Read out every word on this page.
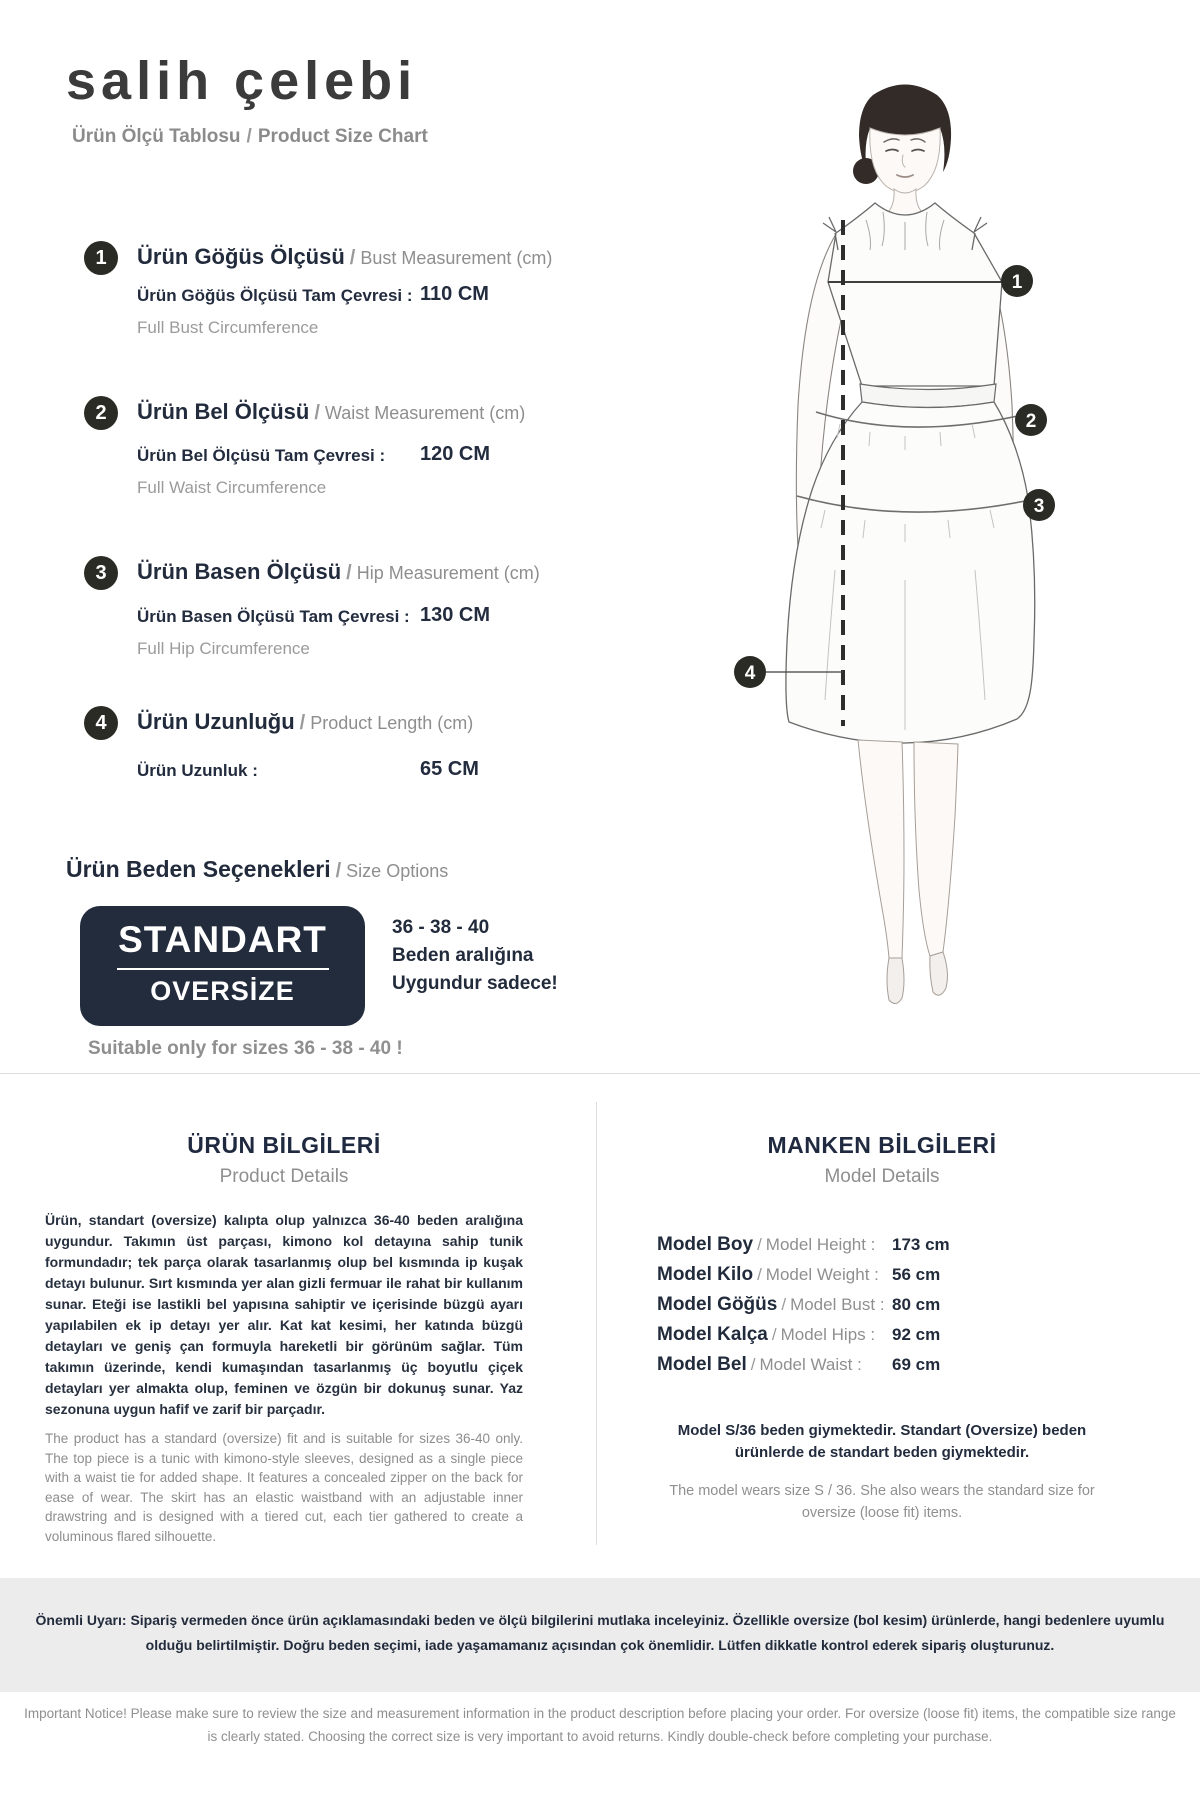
salih çelebi
Ürün Ölçü Tablosu / Product Size Chart
1	Ürün Göğüs Ölçüsü / Bust Measurement (cm)
Ürün Göğüs Ölçüsü Tam Çevresi : 110 CM
Full Bust Circumference
2	Ürün Bel Ölçüsü / Waist Measurement (cm)
Ürün Bel Ölçüsü Tam Çevresi : 120 CM
Full Waist Circumference
3	Ürün Basen Ölçüsü / Hip Measurement (cm)
Ürün Basen Ölçüsü Tam Çevresi : 130 CM
Full Hip Circumference
4	Ürün Uzunluğu / Product Length (cm)
Ürün Uzunluk :	65 CM
Ürün Beden Seçenekleri / Size Options
STANDART
OVERSİZE
36 - 38 - 40
Beden aralığına
Uygundur sadece!
Suitable only for sizes 36 - 38 - 40 !
ÜRÜN BİLGİLERİ
Product Details
Ürün, standart (oversize) kalıpta olup yalnızca 36-40 beden aralığına uygundur. Takımın üst parçası, kimono kol detayına sahip tunik formundadır; tek parça olarak tasarlanmış olup bel kısmında ip kuşak detayı bulunur. Sırt kısmında yer alan gizli fermuar ile rahat bir kullanım sunar. Eteği ise lastikli bel yapısına sahiptir ve içerisinde büzgü ayarı yapılabilen ek ip detayı yer alır. Kat kat kesimi, her katında büzgü detayları ve geniş çan formuyla hareketli bir görünüm sağlar. Tüm takımın üzerinde, kendi kumaşından tasarlanmış üç boyutlu çiçek detayları yer almakta olup, feminen ve özgün bir dokunuş sunar. Yaz sezonuna uygun hafif ve zarif bir parçadır.
The product has a standard (oversize) fit and is suitable for sizes 36-40 only. The top piece is a tunic with kimono-style sleeves, designed as a single piece with a waist tie for added shape. It features a concealed zipper on the back for ease of wear. The skirt has an elastic waistband with an adjustable inner drawstring and is designed with a tiered cut, each tier gathered to create a voluminous flared silhouette.
MANKEN BİLGİLERİ
Model Details
Model Boy / Model Height : 173 cm
Model Kilo / Model Weight : 56 cm
Model Göğüs / Model Bust : 80 cm
Model Kalça / Model Hips : 92 cm
Model Bel / Model Waist : 69 cm
Model S/36 beden giymektedir. Standart (Oversize) beden ürünlerde de standart beden giymektedir.
The model wears size S / 36. She also wears the standard size for oversize (loose fit) items.
Önemli Uyarı: Sipariş vermeden önce ürün açıklamasındaki beden ve ölçü bilgilerini mutlaka inceleyiniz. Özellikle oversize (bol kesim) ürünlerde, hangi bedenlere uyumlu olduğu belirtilmiştir. Doğru beden seçimi, iade yaşamamanız açısından çok önemlidir. Lütfen dikkatle kontrol ederek sipariş oluşturunuz.
Important Notice! Please make sure to review the size and measurement information in the product description before placing your order. For oversize (loose fit) items, the compatible size range is clearly stated. Choosing the correct size is very important to avoid returns. Kindly double-check before completing your purchase.
1
2
3
4
